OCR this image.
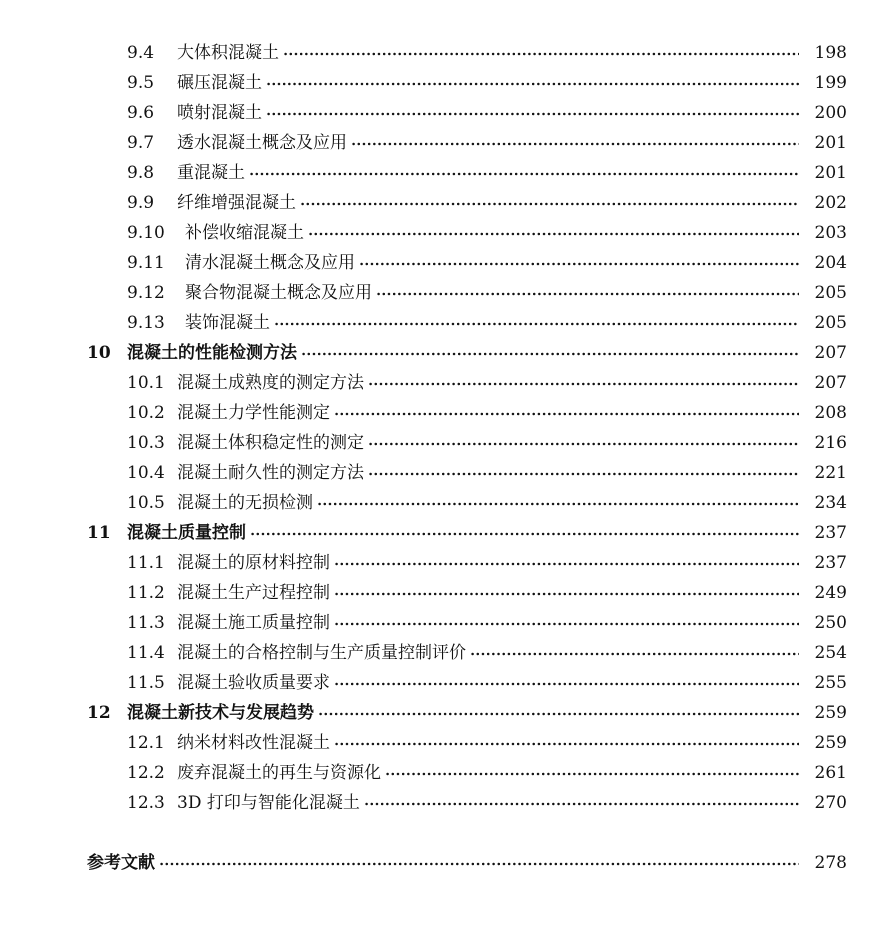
9.4	大体积混凝土	198
9.5	碾压混凝土	199
9.6	喷射混凝土	200
9.7	透水混凝土概念及应用	201
9.8	重混凝土	201
9.9	纤维增强混凝土	202
9.10	补偿收缩混凝土	203
9.11	清水混凝土概念及应用	204
9.12	聚合物混凝土概念及应用	205
9.13	装饰混凝土	205
10 混凝土的性能检测方法	207
10.1 混凝土成熟度的测定方法	207
10.2 混凝土力学性能测定	208
10.3 混凝土体积稳定性的测定	216
10.4 混凝土耐久性的测定方法	221
10.5 混凝土的无损检测	234
11 混凝土质量控制	237
11.1 混凝土的原材料控制	237
11.2 混凝土生产过程控制	249
11.3 混凝土施工质量控制	250
11.4 混凝土的合格控制与生产质量控制评价	254
11.5 混凝土验收质量要求	255
12 混凝土新技术与发展趋势	259
12.1 纳米材料改性混凝土	259
12.2 废弃混凝土的再生与资源化	261
12.3 3D 打印与智能化混凝土	270
参考文献	278
